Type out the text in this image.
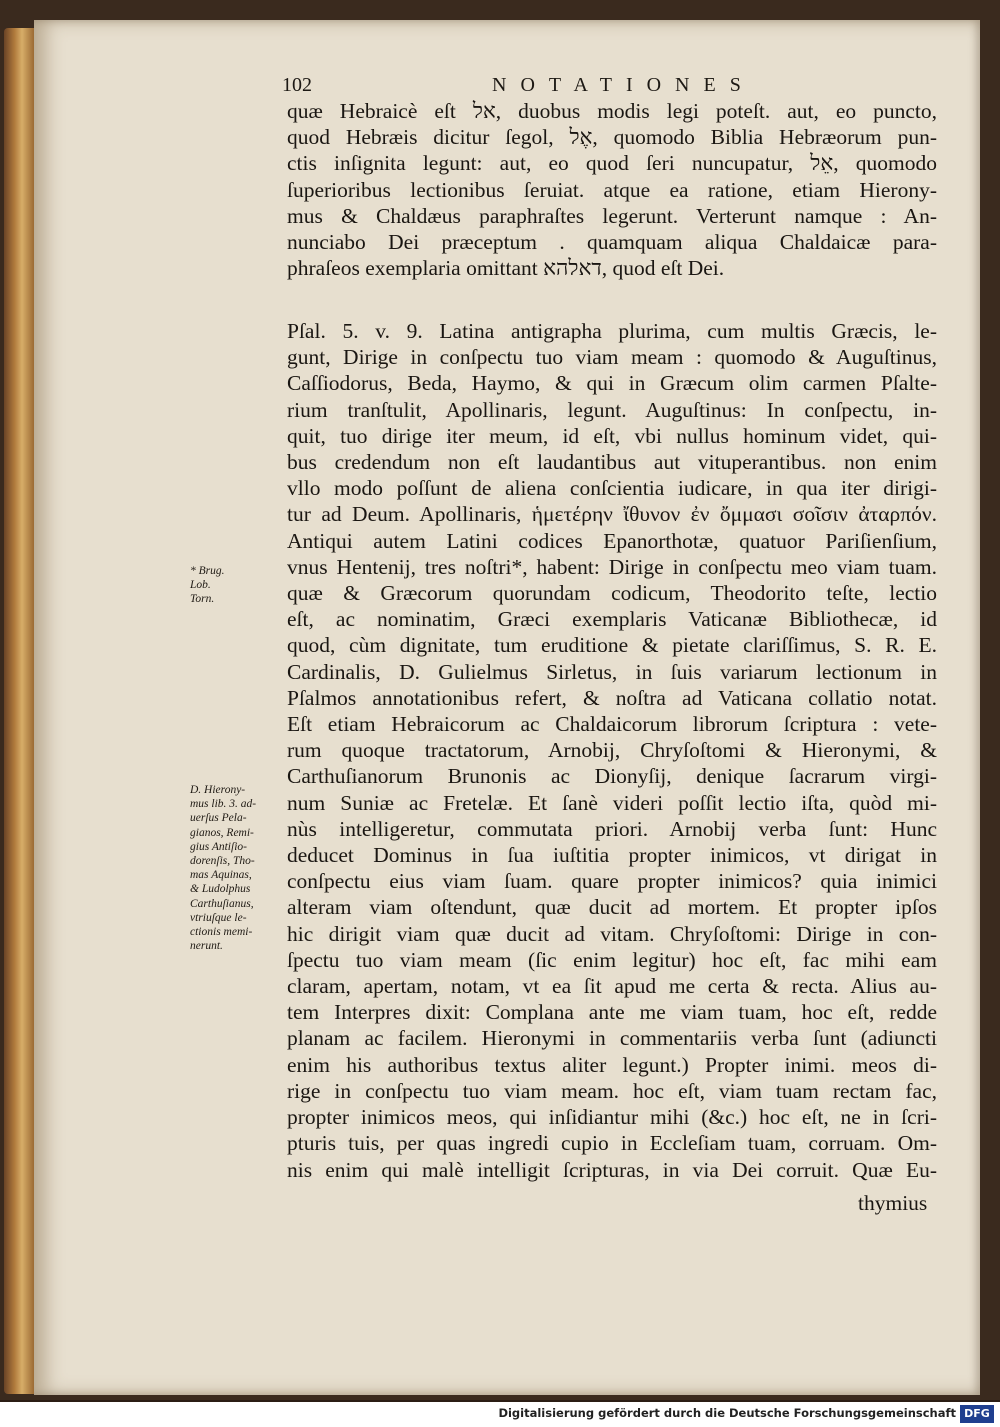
102	NOTATIONES
quæ Hebraicè eſt אל, duobus modis legi poteſt. aut, eo puncto,
quod Hebræis dicitur ſegol, אֶל, quomodo Biblia Hebræorum pun-
ctis inſignita legunt: aut, eo quod ſeri nuncupatur, אֵל, quomodo
ſuperioribus lectionibus ſeruiat. atque ea ratione, etiam Hierony-
mus & Chaldæus paraphraſtes legerunt. Verterunt namque : An-
nunciabo Dei præceptum . quamquam aliqua Chaldaicæ para-
phraſeos exemplaria omittant דאלהא, quod eſt Dei.
Pſal. 5. v. 9. Latina antigrapha plurima, cum multis Græcis, le-
gunt, Dirige in conſpectu tuo viam meam : quomodo & Auguſtinus,
Caſſiodorus, Beda, Haymo, & qui in Græcum olim carmen Pſalte-
rium tranſtulit, Apollinaris, legunt. Auguſtinus: In conſpectu, in-
quit, tuo dirige iter meum, id eſt, vbi nullus hominum videt, qui-
bus credendum non eſt laudantibus aut vituperantibus. non enim
vllo modo poſſunt de aliena conſcientia iudicare, in qua iter dirigi-
tur ad Deum. Apollinaris, ἡμετέρην ἴθυνον ἐν ὄμμασι σοῖσιν ἀταρπόν.
Antiqui autem Latini codices Epanorthotæ, quatuor Pariſienſium,
vnus Hentenij, tres noſtri*, habent: Dirige in conſpectu meo viam tuam.
quæ & Græcorum quorundam codicum, Theodorito teſte, lectio
eſt, ac nominatim, Græci exemplaris Vaticanæ Bibliothecæ, id
quod, cùm dignitate, tum eruditione & pietate clariſſimus, S. R. E.
Cardinalis, D. Gulielmus Sirletus, in ſuis variarum lectionum in
Pſalmos annotationibus refert, & noſtra ad Vaticana collatio notat.
Eſt etiam Hebraicorum ac Chaldaicorum librorum ſcriptura : vete-
rum quoque tractatorum, Arnobij, Chryſoſtomi & Hieronymi, &
Carthuſianorum Brunonis ac Dionyſij, denique ſacrarum virgi-
num Suniæ ac Fretelæ. Et ſanè videri poſſit lectio iſta, quòd mi-
nùs intelligeretur, commutata priori. Arnobij verba ſunt: Hunc
deducet Dominus in ſua iuſtitia propter inimicos, vt dirigat in
conſpectu eius viam ſuam. quare propter inimicos? quia inimici
alteram viam oſtendunt, quæ ducit ad mortem. Et propter ipſos
hic dirigit viam quæ ducit ad vitam. Chryſoſtomi: Dirige in con-
ſpectu tuo viam meam (ſic enim legitur) hoc eſt, fac mihi eam
claram, apertam, notam, vt ea ſit apud me certa & recta. Alius au-
tem Interpres dixit: Complana ante me viam tuam, hoc eſt, redde
planam ac facilem. Hieronymi in commentariis verba ſunt (adiuncti
enim his authoribus textus aliter legunt.) Propter inimi. meos di-
rige in conſpectu tuo viam meam. hoc eſt, viam tuam rectam fac,
propter inimicos meos, qui inſidiantur mihi (&c.) hoc eſt, ne in ſcri-
pturis tuis, per quas ingredi cupio in Eccleſiam tuam, corruam. Om-
nis enim qui malè intelligit ſcripturas, in via Dei corruit. Quæ Eu-
thymius
* Brug.
Lob.
Torn.
D. Hierony-
mus lib. 3. ad-
uerſus Pela-
gianos, Remi-
gius Antiſio-
dorenſis, Tho-
mas Aquinas,
& Ludolphus
Carthuſianus,
vtriuſque le-
ctionis memi-
nerunt.
Digitalisierung gefördert durch die Deutsche Forschungsgemeinschaft DFG
